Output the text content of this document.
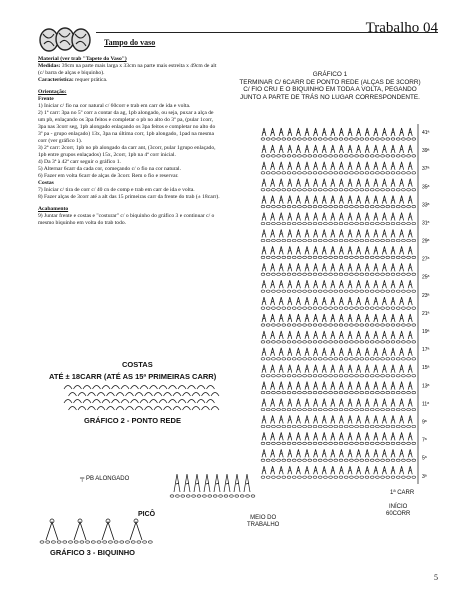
Trabalho 04
Tampo do vaso

Material (ver trab "Tapete do Vaso")

Medidas: 39cm na parte mais larga x 33cm na parte mais estreita x 49cm de alt (c/ barra de alças e biquinho).

Característica: requer prática.

Orientação:

Frente

1) Iniciar c/ fio na cor natural c/ 60corr e trab em carr de ida e volta.

2) 1ª carr: 3pa no 5º corr a contar da ag, 1pb alongado, ou seja, puxar a alça de um pb, enlaçando os 3pa feitos e completar o pb no alto do 3º pa, (pular 1corr, 3pa nas 3corr seg, 1pb alongado enlaçando os 3pa feitos e completar no alto do 3º pa - grupo enlaçado) 13x, 3pa na última corr, 1pb alongado, 1pad na mesma corr (ver gráfico 1).

3) 2ª carr: 2corr, 1pb no pb alongado da carr ant, (3corr, pular 1grupo enlaçado, 1pb entre grupos enlaçados) 15x, 2corr, 1pb na 4ª corr inicial.

4) Da 3ª à 42ª carr seguir o gráfico 1.

5) Alternar 6carr da cada cor, começando c/ o fio na cor natural.

6) Fazer em volta 6carr de alças de 3corr. Rem o fio e reservar.

Costas

7) Iniciar c/ tira de corr c/ 40 cn de comp e trab em carr de ida e volta.

8) Fazer alças de 3corr até a alt das 15 primeiras carr da frente do trab (± 18carr).

Acabamento

9) Juntar frente e costas e "costurar" c/ o biquinho do gráfico 3 e continuar c/ o mesmo biquinho em volta do trab todo.

GRÁFICO 1
TERMINAR C/ 6CARR DE PONTO REDE (ALÇAS DE 3CORR)
C/ FIO CRU E O BIQUINHO EM TODA A VOLTA, PEGANDO
JUNTO A PARTE DE TRÁS NO LUGAR CORRESPONDENTE.
41ª
39ª
37ª
35ª
33ª
31ª
29ª
27ª
25ª
23ª
21ª
19ª
17ª
15ª
13ª
11ª
9ª
7ª
5ª
3ª
COSTAS
ATÉ ± 18CARR (ATÉ AS 15ª PRIMEIRAS CARR)
GRÁFICO 2 - PONTO REDE
╤ PB ALONGADO
MEIO DO
TRABALHO
1ª CARR
INÍCIO
60CORR
PICÔ
GRÁFICO 3 - BIQUINHO
5
